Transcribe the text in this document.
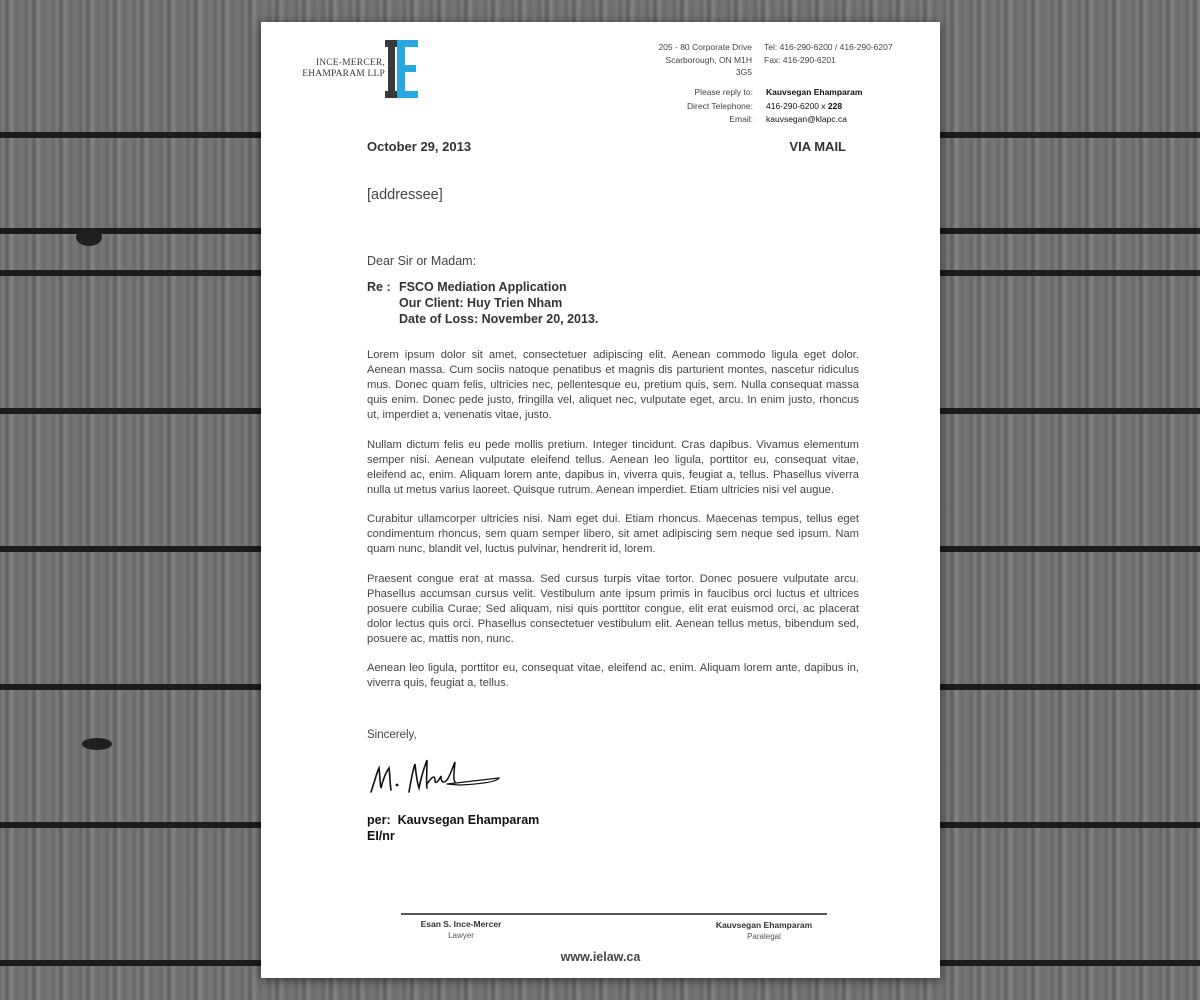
INCE-MERCER,
EHAMPARAM LLP
205 - 80 Corporate Drive
Scarborough, ON M1H 3G5
Tel: 416-290-6200 / 416-290-6207
Fax: 416-290-6201
Please reply to:
Direct Telephone:
Email:
Kauvsegan Ehamparam
416-290-6200 x 228
kauvsegan@klapc.ca
October 29, 2013	VIA MAIL
[addressee]
Dear Sir or Madam:
Re : FSCO Mediation Application
Our Client: Huy Trien Nham
Date of Loss: November 20, 2013.

Lorem ipsum dolor sit amet, consectetuer adipiscing elit. Aenean commodo ligula eget dolor. Aenean massa. Cum sociis natoque penatibus et magnis dis parturient montes, nascetur ridiculus mus. Donec quam felis, ultricies nec, pellentesque eu, pretium quis, sem. Nulla consequat massa quis enim. Donec pede justo, fringilla vel, aliquet nec, vulputate eget, arcu. In enim justo, rhoncus ut, imperdiet a, venenatis vitae, justo.

Nullam dictum felis eu pede mollis pretium. Integer tincidunt. Cras dapibus. Vivamus elementum semper nisi. Aenean vulputate eleifend tellus. Aenean leo ligula, porttitor eu, consequat vitae, eleifend ac, enim. Aliquam lorem ante, dapibus in, viverra quis, feugiat a, tellus. Phasellus viverra nulla ut metus varius laoreet. Quisque rutrum. Aenean imperdiet. Etiam ultricies nisi vel augue.

Curabitur ullamcorper ultricies nisi. Nam eget dui. Etiam rhoncus. Maecenas tempus, tellus eget condimentum rhoncus, sem quam semper libero, sit amet adipiscing sem neque sed ipsum. Nam quam nunc, blandit vel, luctus pulvinar, hendrerit id, lorem.

Praesent congue erat at massa. Sed cursus turpis vitae tortor. Donec posuere vulputate arcu. Phasellus accumsan cursus velit. Vestibulum ante ipsum primis in faucibus orci luctus et ultrices posuere cubilia Curae; Sed aliquam, nisi quis porttitor congue, elit erat euismod orci, ac placerat dolor lectus quis orci. Phasellus consectetuer vestibulum elit. Aenean tellus metus, bibendum sed, posuere ac, mattis non, nunc.

Aenean leo ligula, porttitor eu, consequat vitae, eleifend ac, enim. Aliquam lorem ante, dapibus in, viverra quis, feugiat a, tellus.

Sincerely,
per: Kauvsegan Ehamparam
EI/nr
Esan S. Ince-Mercer
Lawyer
Kauvsegan Ehamparam
Paralegal
www.ielaw.ca
